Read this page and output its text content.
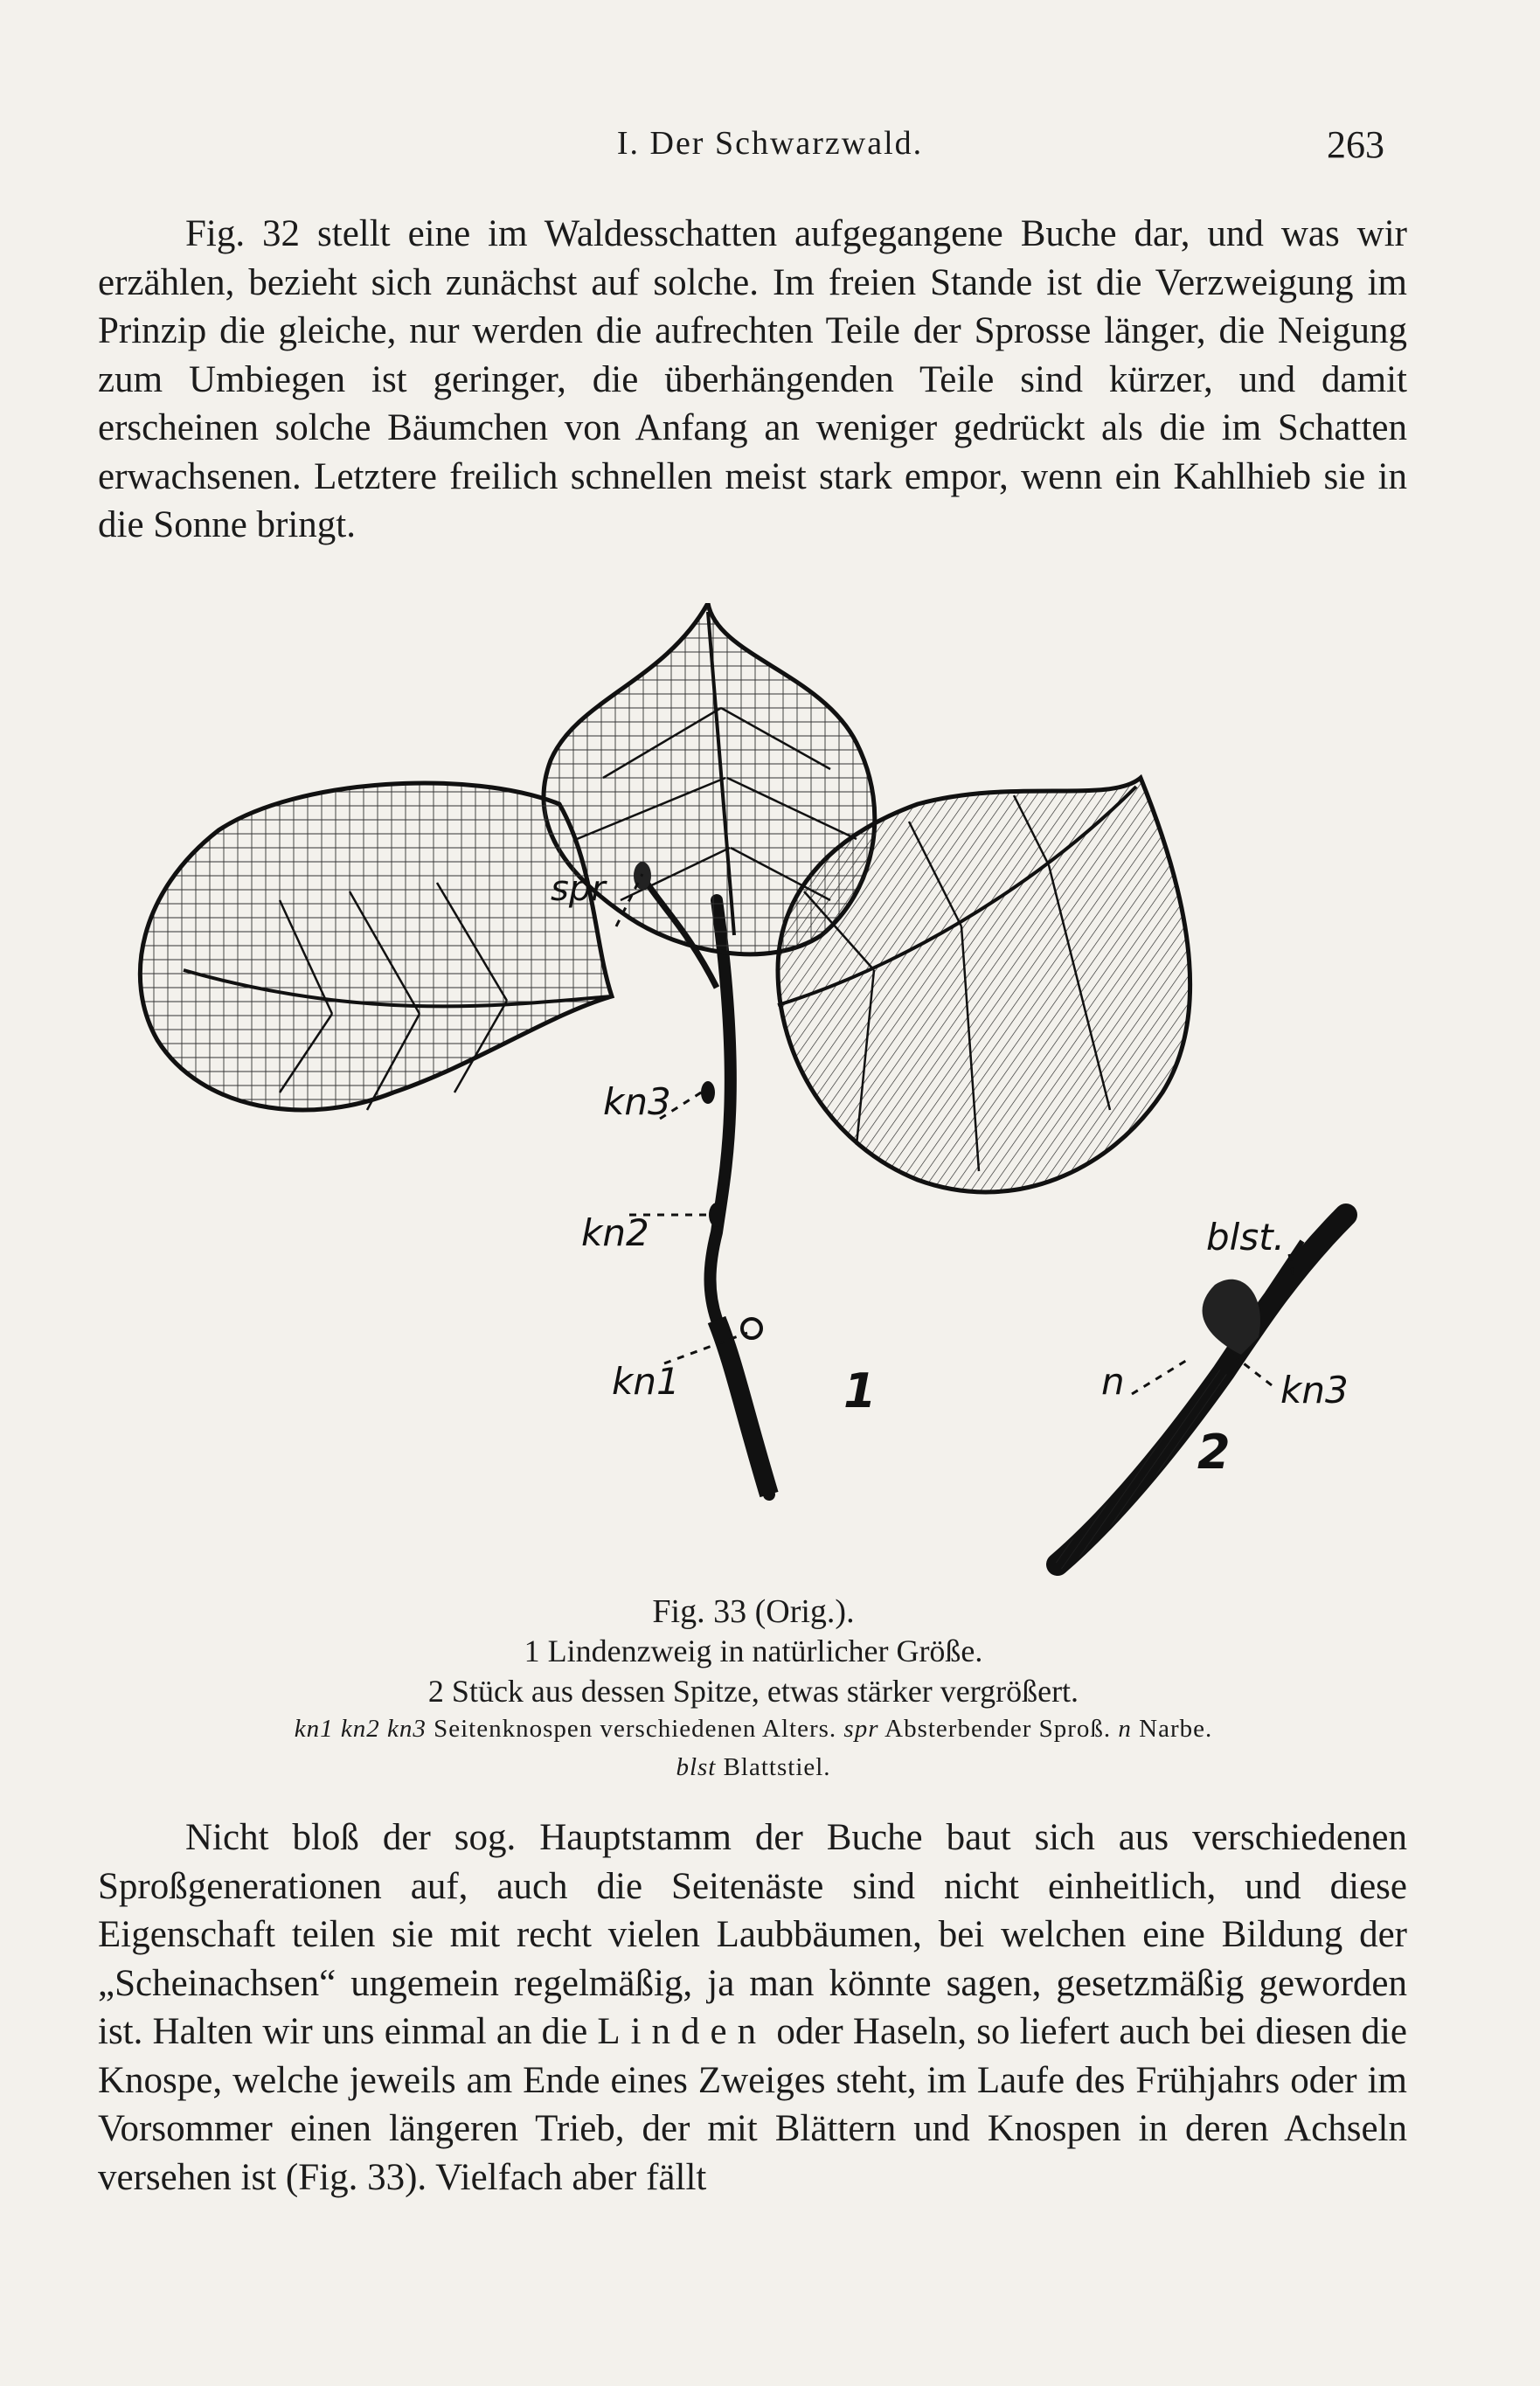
I. Der Schwarzwald.	263

Fig. 32 stellt eine im Waldesschatten aufgegangene Buche dar, und was wir erzählen, bezieht sich zunächst auf solche. Im freien Stande ist die Verzweigung im Prinzip die gleiche, nur werden die aufrechten Teile der Sprosse länger, die Neigung zum Umbiegen ist geringer, die überhängenden Teile sind kürzer, und damit erscheinen solche Bäumchen von Anfang an weniger gedrückt als die im Schatten erwachsenen. Letztere freilich schnellen meist stark empor, wenn ein Kahlhieb sie in die Sonne bringt.

spr
kn3
kn2
kn1	1
blst.
n	kn3
2
Fig. 33 (Orig.).
1 Lindenzweig in natürlicher Größe.
2 Stück aus dessen Spitze, etwas stärker vergrößert.
kn1 kn2 kn3 Seitenknospen verschiedenen Alters. spr Absterbender Sproß. n Narbe.
blst Blattstiel.

Nicht bloß der sog. Hauptstamm der Buche baut sich aus verschiedenen Sproßgenerationen auf, auch die Seitenäste sind nicht einheitlich, und diese Eigenschaft teilen sie mit recht vielen Laubbäumen, bei welchen eine Bildung der „Scheinachsen“ ungemein regelmäßig, ja man könnte sagen, gesetzmäßig geworden ist. Halten wir uns einmal an die Linden oder Haseln, so liefert auch bei diesen die Knospe, welche jeweils am Ende eines Zweiges steht, im Laufe des Frühjahrs oder im Vorsommer einen längeren Trieb, der mit Blättern und Knospen in deren Achseln versehen ist (Fig. 33). Vielfach aber fällt
